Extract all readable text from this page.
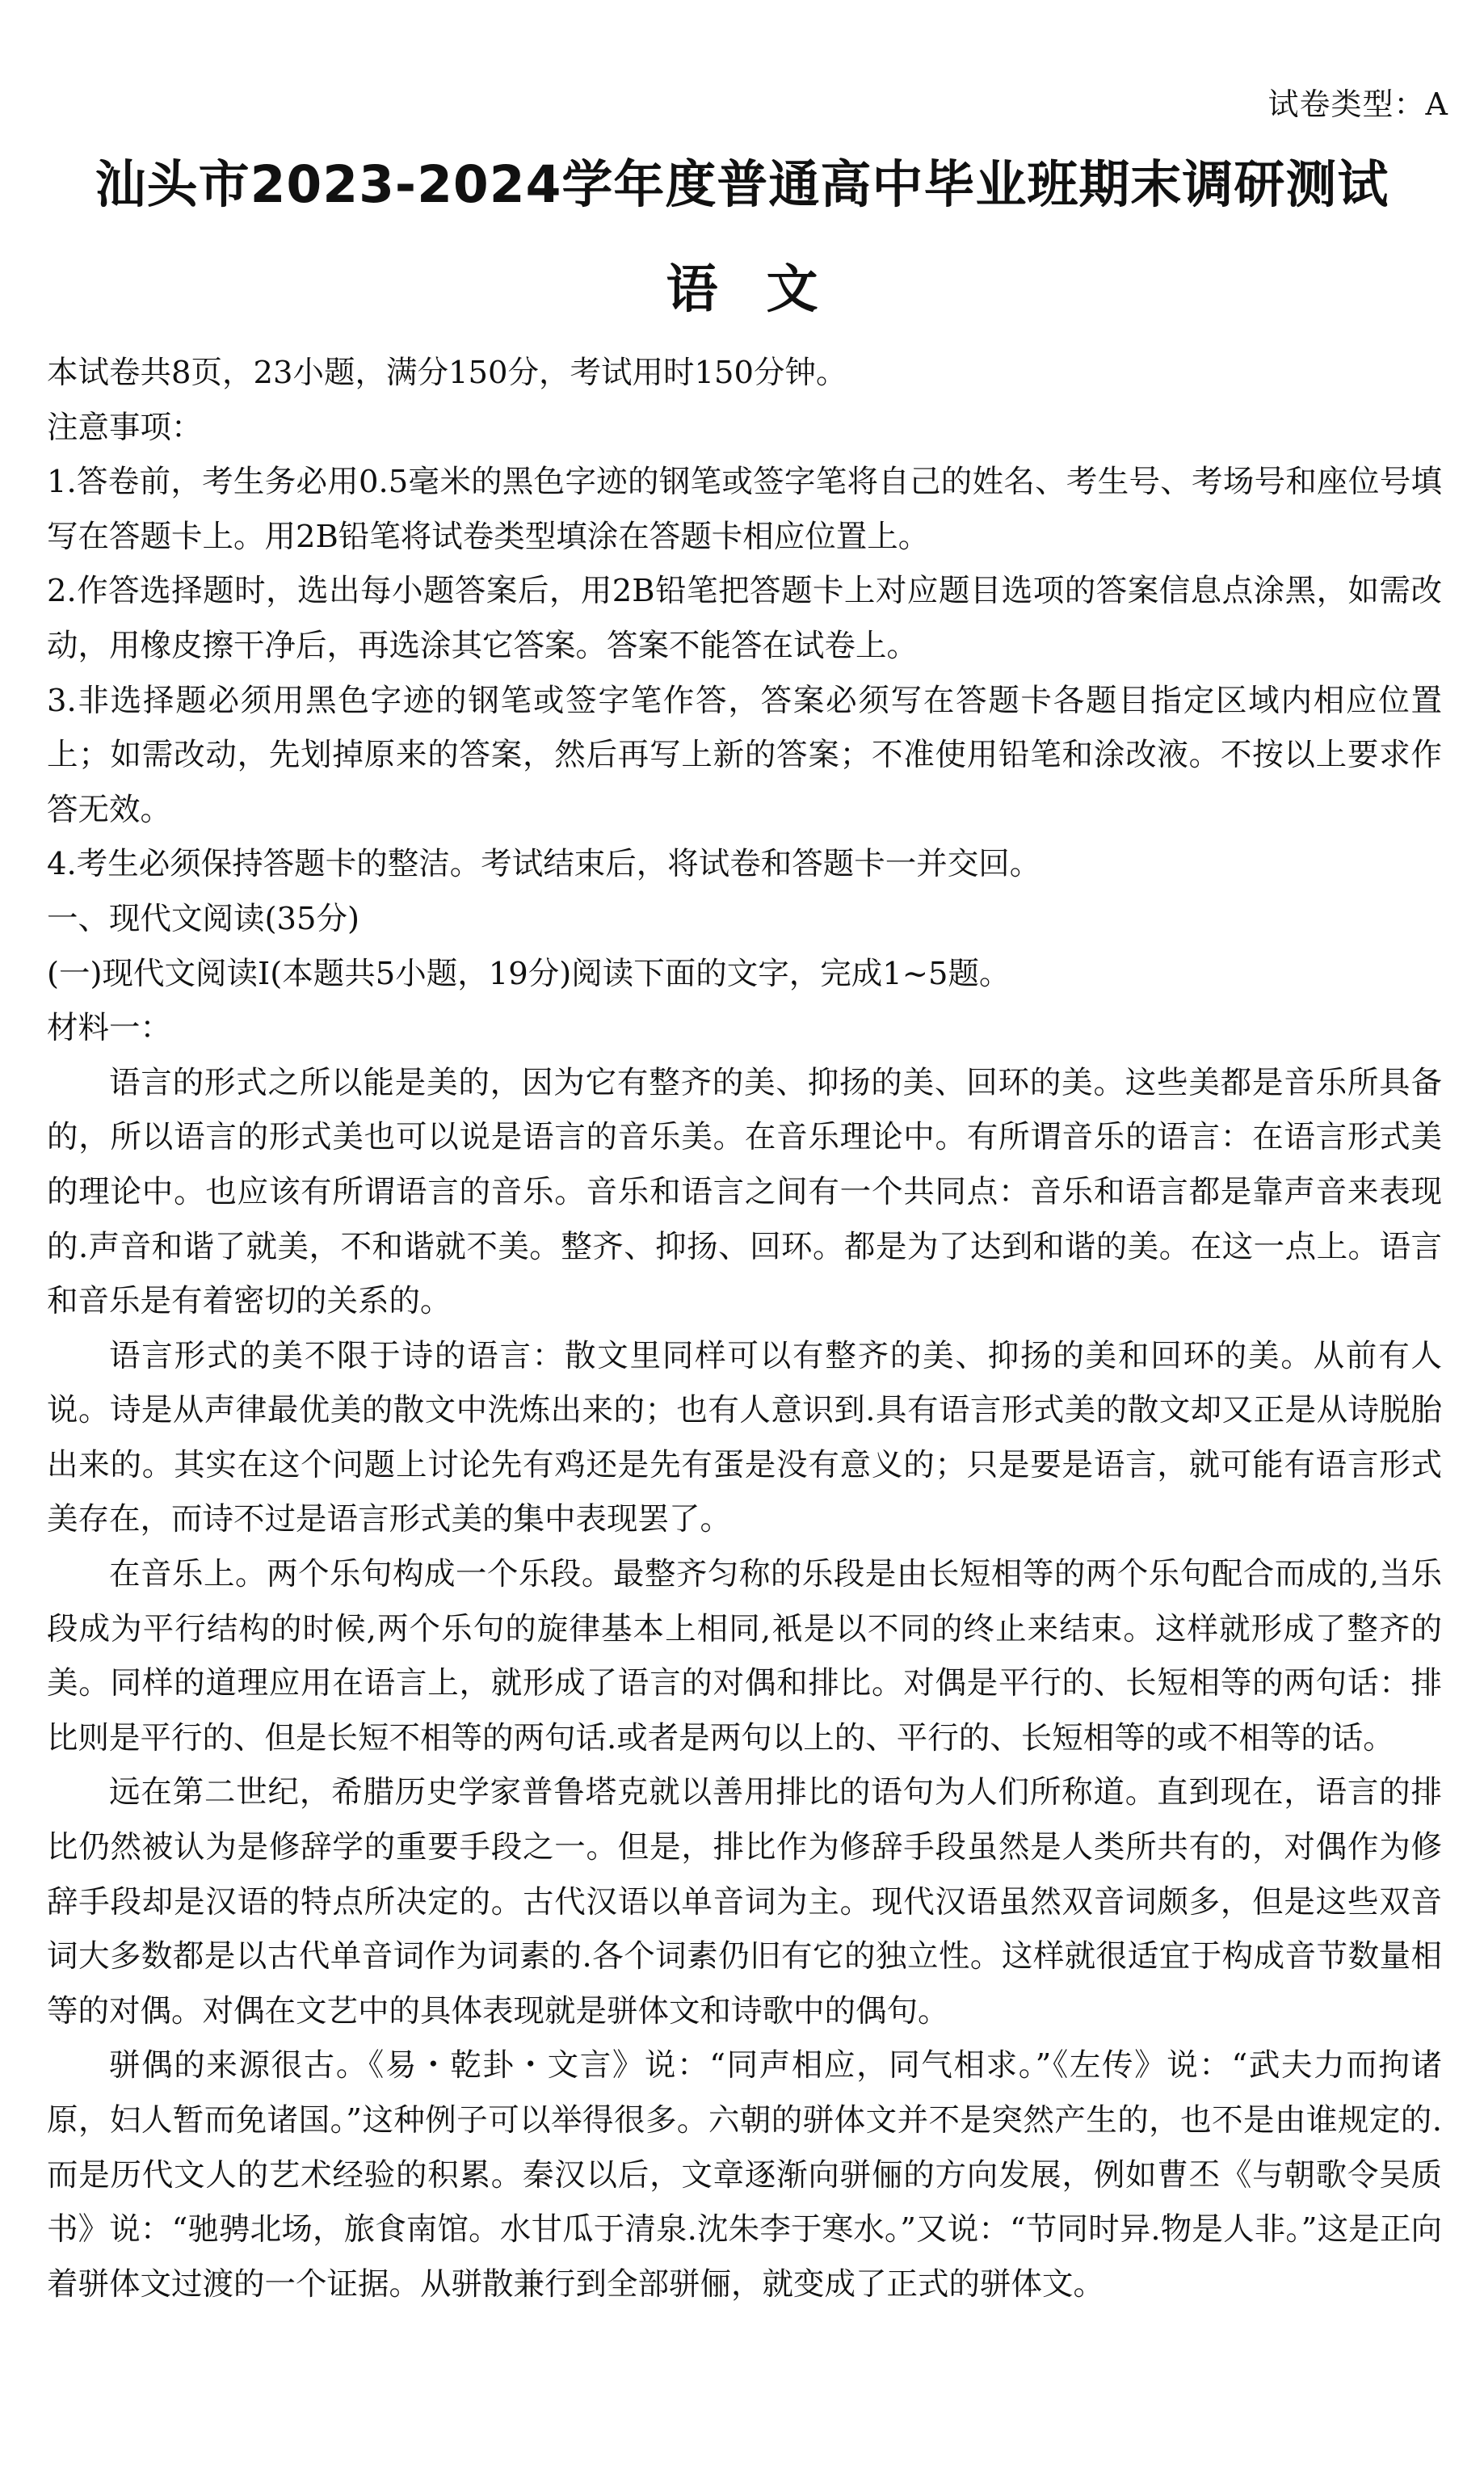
试卷类型：A
汕头市2023-2024学年度普通高中毕业班期末调研测试
语文

本试卷共8页，23小题，满分150分，考试用时150分钟。

注意事项：

1.答卷前，考生务必用0.5毫米的黑色字迹的钢笔或签字笔将自己的姓名、考生号、考场号和座位号填写在答题卡上。用2B铅笔将试卷类型填涂在答题卡相应位置上。

2.作答选择题时，选出每小题答案后，用2B铅笔把答题卡上对应题目选项的答案信息点涂黑，如需改动，用橡皮擦干净后，再选涂其它答案。答案不能答在试卷上。

3.非选择题必须用黑色字迹的钢笔或签字笔作答，答案必须写在答题卡各题目指定区域内相应位置上；如需改动，先划掉原来的答案，然后再写上新的答案；不准使用铅笔和涂改液。不按以上要求作答无效。

4.考生必须保持答题卡的整洁。考试结束后，将试卷和答题卡一并交回。

一、现代文阅读(35分)

(一)现代文阅读Ⅰ(本题共5小题，19分)阅读下面的文字，完成1~5题。

材料一：

语言的形式之所以能是美的，因为它有整齐的美、抑扬的美、回环的美。这些美都是音乐所具备的，所以语言的形式美也可以说是语言的音乐美。在音乐理论中。有所谓音乐的语言：在语言形式美的理论中。也应该有所谓语言的音乐。音乐和语言之间有一个共同点：音乐和语言都是靠声音来表现的.声音和谐了就美，不和谐就不美。整齐、抑扬、回环。都是为了达到和谐的美。在这一点上。语言和音乐是有着密切的关系的。

语言形式的美不限于诗的语言：散文里同样可以有整齐的美、抑扬的美和回环的美。从前有人说。诗是从声律最优美的散文中洗炼出来的；也有人意识到.具有语言形式美的散文却又正是从诗脱胎出来的。其实在这个问题上讨论先有鸡还是先有蛋是没有意义的；只是要是语言，就可能有语言形式美存在，而诗不过是语言形式美的集中表现罢了。

在音乐上。两个乐句构成一个乐段。最整齐匀称的乐段是由长短相等的两个乐句配合而成的,当乐段成为平行结构的时候,两个乐句的旋律基本上相同,衹是以不同的终止来结束。这样就形成了整齐的美。同样的道理应用在语言上，就形成了语言的对偶和排比。对偶是平行的、长短相等的两句话：排比则是平行的、但是长短不相等的两句话.或者是两句以上的、平行的、长短相等的或不相等的话。

远在第二世纪，希腊历史学家普鲁塔克就以善用排比的语句为人们所称道。直到现在，语言的排比仍然被认为是修辞学的重要手段之一。但是，排比作为修辞手段虽然是人类所共有的，对偶作为修辞手段却是汉语的特点所决定的。古代汉语以单音词为主。现代汉语虽然双音词颇多，但是这些双音词大多数都是以古代单音词作为词素的.各个词素仍旧有它的独立性。这样就很适宜于构成音节数量相等的对偶。对偶在文艺中的具体表现就是骈体文和诗歌中的偶句。

骈偶的来源很古。《易・乾卦・文言》说：“同声相应，同气相求。”《左传》说：“武夫力而拘诸原，妇人暂而免诸国。”这种例子可以举得很多。六朝的骈体文并不是突然产生的，也不是由谁规定的.而是历代文人的艺术经验的积累。秦汉以后，文章逐渐向骈俪的方向发展，例如曹丕《与朝歌令吴质书》说：“驰骋北场，旅食南馆。水甘瓜于清泉.沈朱李于寒水。”又说：“节同时异.物是人非。”这是正向着骈体文过渡的一个证据。从骈散兼行到全部骈俪，就变成了正式的骈体文。
